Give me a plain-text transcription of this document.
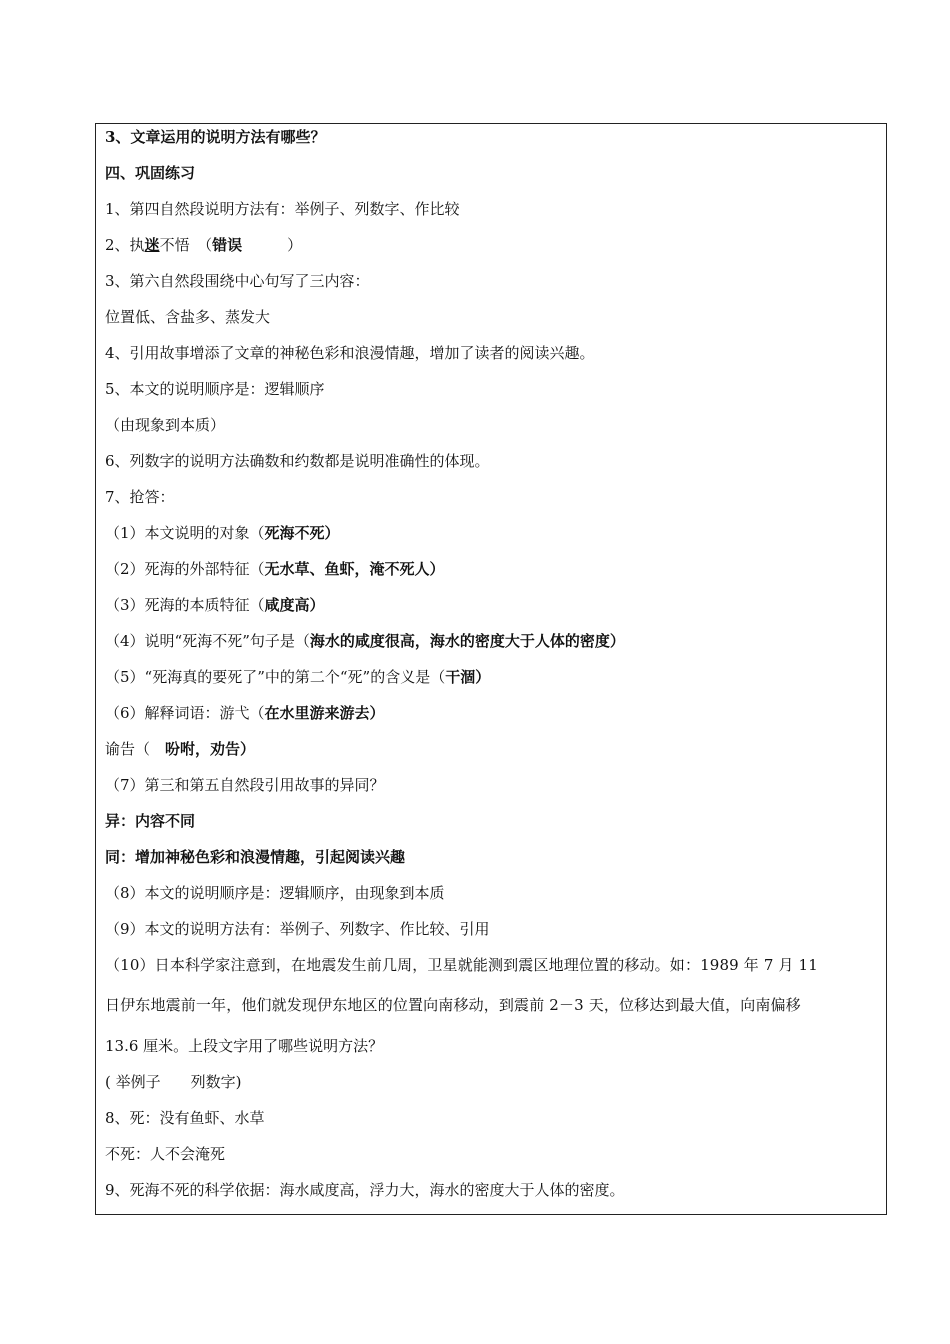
3、文章运用的说明方法有哪些？
四、巩固练习
1、第四自然段说明方法有：举例子、列数字、作比较
2、执迷不悟　（错误　　　）
3、第六自然段围绕中心句写了三内容：
位置低、含盐多、蒸发大
4、引用故事增添了文章的神秘色彩和浪漫情趣，增加了读者的阅读兴趣。
5、本文的说明顺序是：逻辑顺序
（由现象到本质）
6、列数字的说明方法确数和约数都是说明准确性的体现。
7、抢答：
（1）本文说明的对象（死海不死）
（2）死海的外部特征（无水草、鱼虾，淹不死人）
（3）死海的本质特征（咸度高）
（4）说明“死海不死”句子是（海水的咸度很高，海水的密度大于人体的密度）
（5）“死海真的要死了”中的第二个“死”的含义是（干涸）
（6）解释词语：游弋（在水里游来游去）
谕告（　吩咐，劝告）
（7）第三和第五自然段引用故事的异同？
异：内容不同
同：增加神秘色彩和浪漫情趣，引起阅读兴趣
（8）本文的说明顺序是：逻辑顺序，由现象到本质
（9）本文的说明方法有：举例子、列数字、作比较、引用
（10）日本科学家注意到，在地震发生前几周，卫星就能测到震区地理位置的移动。如：1989 年 7 月 11
日伊东地震前一年，他们就发现伊东地区的位置向南移动，到震前 2－3 天，位移达到最大值，向南偏移
13.6 厘米。上段文字用了哪些说明方法？
( 举例子　　列数字)
8、死：没有鱼虾、水草
不死：人不会淹死
9、死海不死的科学依据：海水咸度高，浮力大，海水的密度大于人体的密度。
